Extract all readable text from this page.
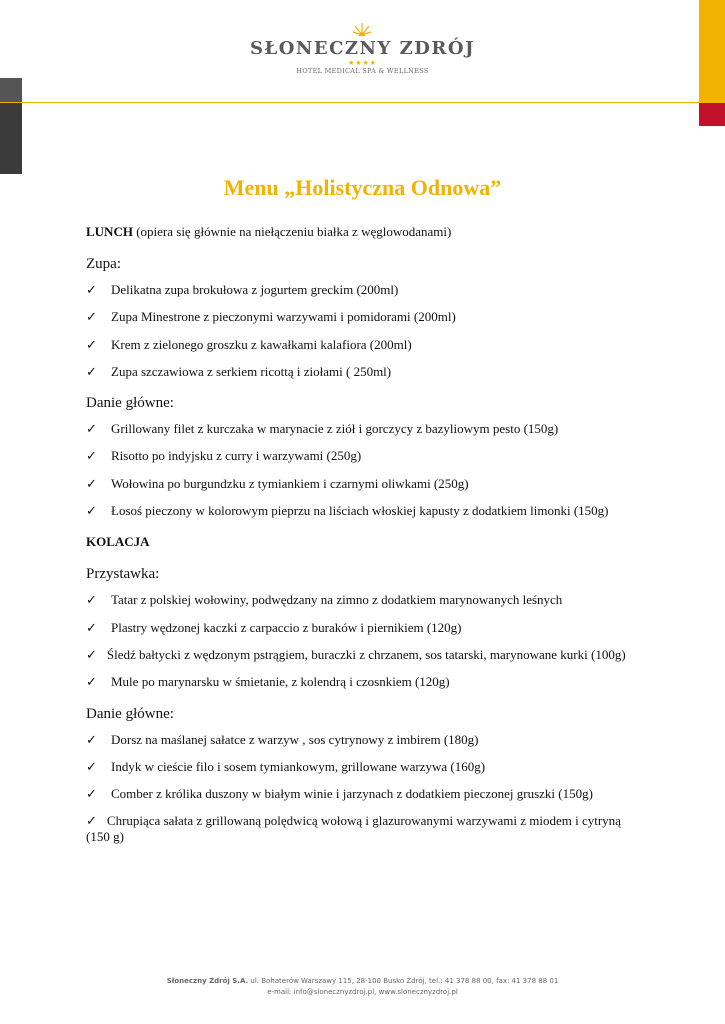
SŁONECZNY ZDRÓJ
★★★★
HOTEL MEDICAL SPA & WELLNESS
Menu „Holistyczna Odnowa”
LUNCH (opiera się głównie na niełączeniu białka z węglowodanami)
Zupa:
✓ Delikatna zupa brokułowa z jogurtem greckim (200ml)
✓ Zupa Minestrone z pieczonymi warzywami i pomidorami (200ml)
✓ Krem z zielonego groszku z kawałkami kalafiora (200ml)
✓ Zupa szczawiowa z serkiem ricottą i ziołami ( 250ml)
Danie główne:
✓ Grillowany filet z kurczaka w marynacie z ziół i gorczycy z bazyliowym pesto (150g)
✓ Risotto po indyjsku z curry i warzywami (250g)
✓ Wołowina po burgundzku z tymiankiem i czarnymi oliwkami (250g)
✓ Łosoś pieczony w kolorowym pieprzu na liściach włoskiej kapusty z dodatkiem limonki (150g)
KOLACJA
Przystawka:
✓ Tatar z polskiej wołowiny, podwędzany na zimno z dodatkiem marynowanych leśnych
✓ Plastry wędzonej kaczki z carpaccio z buraków i piernikiem (120g)
✓ Śledź bałtycki z wędzonym pstrągiem, buraczki z chrzanem, sos tatarski, marynowane kurki (100g)
✓ Mule po marynarsku w śmietanie, z kolendrą i czosnkiem (120g)
Danie główne:
✓ Dorsz na maślanej sałatce z warzyw , sos cytrynowy z imbirem (180g)
✓ Indyk w cieście filo i sosem tymiankowym, grillowane warzywa (160g)
✓ Comber z królika duszony w białym winie i jarzynach z dodatkiem pieczonej gruszki (150g)
✓ Chrupiąca sałata z grillowaną polędwicą wołową i glazurowanymi warzywami z miodem i cytryną (150 g)
Słoneczny Zdrój S.A. ul. Bohaterów Warszawy 115, 28-100 Busko Zdrój, tel.: 41 378 88 00, fax: 41 378 88 01
e-mail: info@slonecznyzdroj.pl, www.slonecznyzdroj.pl
